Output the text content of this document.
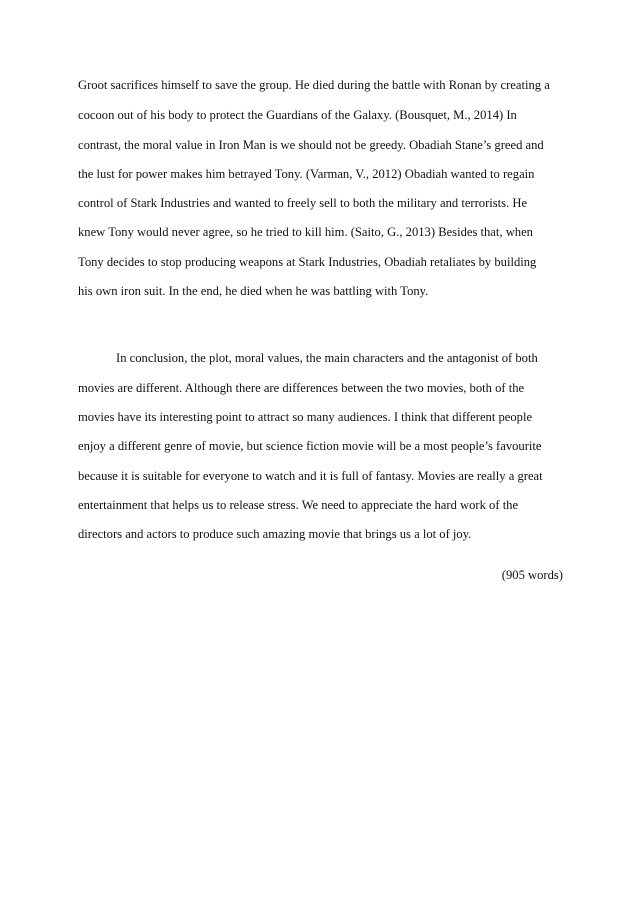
Groot sacrifices himself to save the group. He died during the battle with Ronan by creating a
cocoon out of his body to protect the Guardians of the Galaxy. (Bousquet, M., 2014) In
contrast, the moral value in Iron Man is we should not be greedy. Obadiah Stane’s greed and
the lust for power makes him betrayed Tony. (Varman, V., 2012) Obadiah wanted to regain
control of Stark Industries and wanted to freely sell to both the military and terrorists. He
knew Tony would never agree, so he tried to kill him. (Saito, G., 2013) Besides that, when
Tony decides to stop producing weapons at Stark Industries, Obadiah retaliates by building
his own iron suit. In the end, he died when he was battling with Tony.
In conclusion, the plot, moral values, the main characters and the antagonist of both
movies are different. Although there are differences between the two movies, both of the
movies have its interesting point to attract so many audiences. I think that different people
enjoy a different genre of movie, but science fiction movie will be a most people’s favourite
because it is suitable for everyone to watch and it is full of fantasy. Movies are really a great
entertainment that helps us to release stress. We need to appreciate the hard work of the
directors and actors to produce such amazing movie that brings us a lot of joy.
(905 words)
